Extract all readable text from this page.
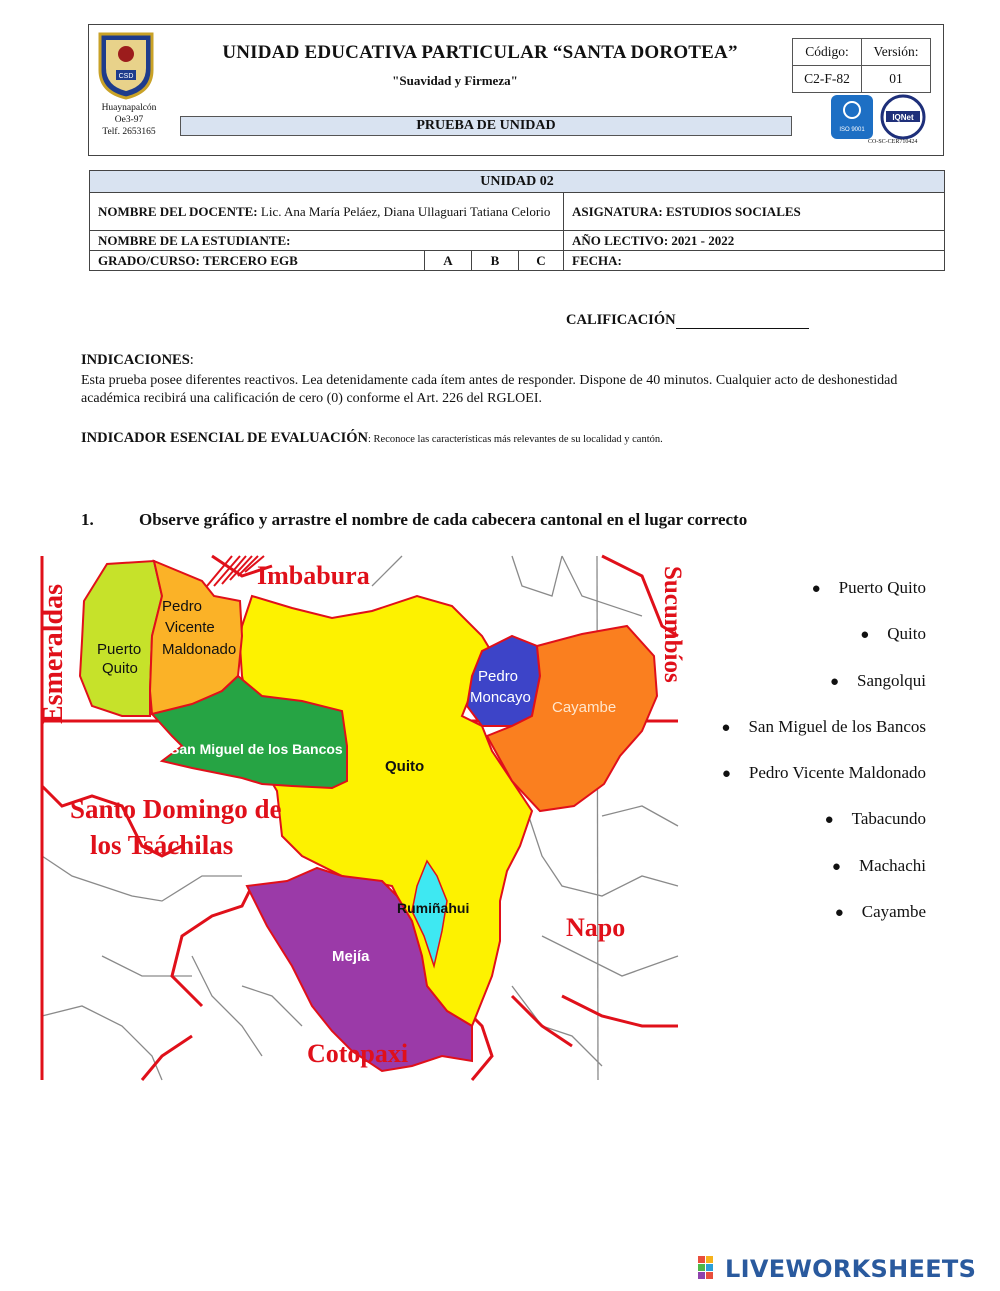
CSD
UNIDAD EDUCATIVA PARTICULAR “SANTA DOROTEA”
"Suavidad y Firmeza"
Huaynapalcón
Oe3-97
Telf. 2653165	PRUEBA DE UNIDAD
Código:	Versión:
C2-F-82	01
ISO 9001
IQNet
CO-SC-CER710424
UNIDAD 02				
NOMBRE DEL DOCENTE: Lic. Ana María Peláez, Diana Ullaguari Tatiana Celorio				ASIGNATURA: ESTUDIOS SOCIALES
NOMBRE DE LA ESTUDIANTE:				AÑO LECTIVO: 2021 - 2022
GRADO/CURSO: TERCERO EGB	A	B	C	FECHA:
CALIFICACIÓN
INDICACIONES:
Esta prueba posee diferentes reactivos. Lea detenidamente cada ítem antes de responder. Dispone de 40 minutos. Cualquier acto de deshonestidad académica recibirá una calificación de cero (0) conforme el Art. 226 del RGLOEI.
INDICADOR ESENCIAL DE EVALUACIÓN: Reconoce las características más relevantes de su localidad y cantón.
1.	Observe gráfico y arrastre el nombre de cada cabecera cantonal en el lugar correcto
Imbabura
Esmeraldas	Sucumbíos
Santo Domingo de
los Tsáchilas
Napo
Cotopaxi
Puerto
Quito
Pedro
Vicente
Maldonado
San Miguel de los Bancos
Quito
Pedro
Moncayo
Cayambe
Rumiñahui
Mejía
● Puerto Quito
● Quito
● Sangolqui
● San Miguel de los Bancos
● Pedro Vicente Maldonado
● Tabacundo
● Machachi
● Cayambe
LIVEWORKSHEETS
